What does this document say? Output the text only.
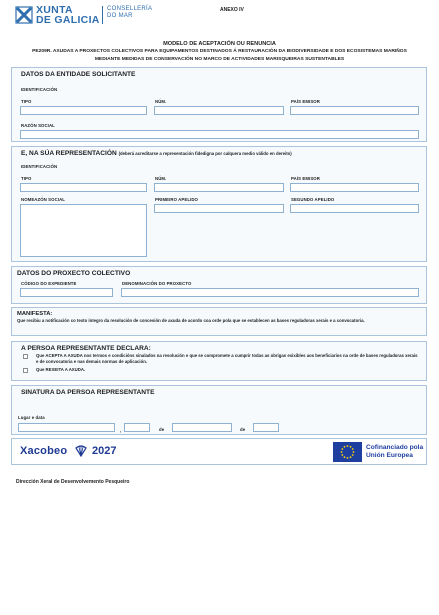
XUNTA
DE GALICIA
CONSELLERÍA
DO MAR
ANEXO IV
MODELO DE ACEPTACIÓN OU RENUNCIA
PE209R. AXUDAS A PROXECTOS COLECTIVOS PARA EQUIPAMENTOS DESTINADOS Á RESTAURACIÓN DA BIODIVERSIDADE E DOS ECOSISTEMAS MARIÑOS
MEDIANTE MEDIDAS DE CONSERVACIÓN NO MARCO DE ACTIVIDADES MARISQUEIRAS SUSTENTABLES
DATOS DA ENTIDADE SOLICITANTE
IDENTIFICACIÓN
TIPO	NÚM.	PAÍS EMISOR
RAZÓN SOCIAL
E, NA SÚA REPRESENTACIÓN (deberá acreditarse a representación fidedigna por calquera medio válido en dereito)
IDENTIFICACIÓN
TIPO	NÚM.	PAÍS EMISOR
NOMEAZÓN SOCIAL	PRIMEIRO APELIDO	SEGUNDO APELIDO
DATOS DO PROXECTO COLECTIVO
CÓDIGO DO EXPEDIENTE	DENOMINACIÓN DO PROXECTO
MANIFESTA:
Que recibiu a notificación co texto íntegro da resolución de concesión de axuda de acordo coa orde pola que se establecen as bases reguladoras xerais e a convocatoria.
A PERSOA REPRESENTANTE DECLARA:
Que ACEPTA A AXUDA nos termos e condicións sinalados na resolución e que se compromete a cumprir todas as obrigas exixibles aos beneficiarios na orde de bases reguladoras xerais e de convocatoria e nas demais normas de aplicación.
Que REXEITA A AXUDA.
SINATURA DA PERSOA REPRESENTANTE
Lugar e data
,	de	de
Xacobeo 2027	Cofinanciado pola
Unión Europea
Dirección Xeral de Desenvolvemento Pesqueiro
